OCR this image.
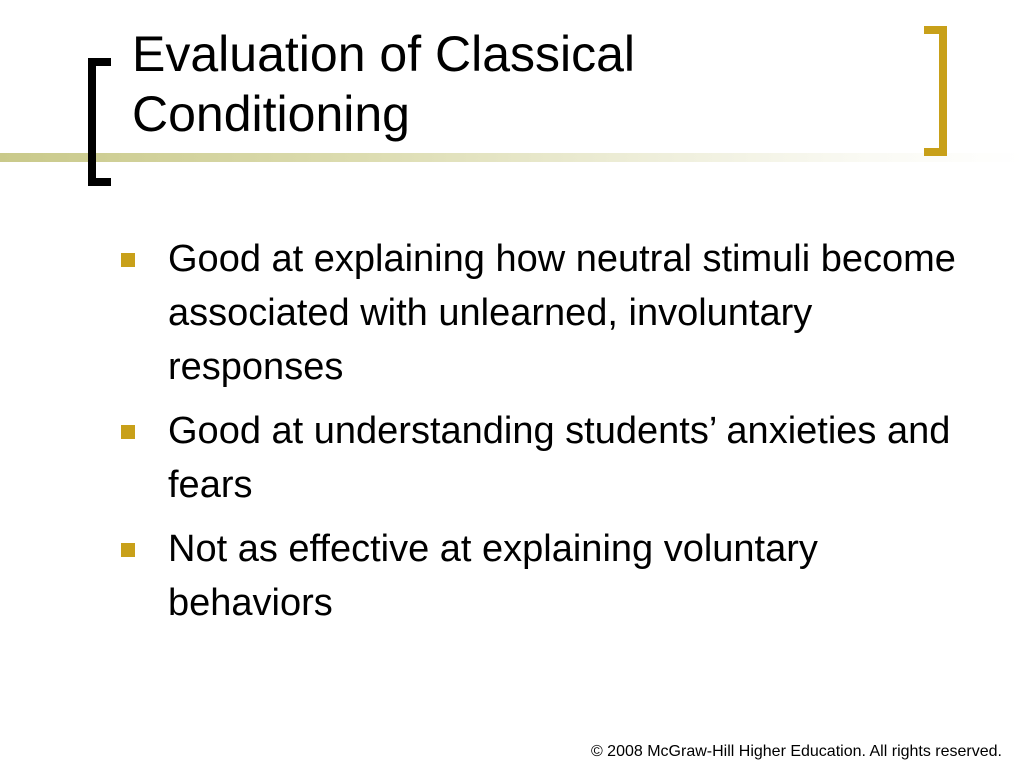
Evaluation of Classical Conditioning
Good at explaining how neutral stimuli become associated with unlearned, involuntary responses
Good at understanding students’ anxieties and fears
Not as effective at explaining voluntary behaviors
© 2008 McGraw-Hill Higher Education. All rights reserved.
